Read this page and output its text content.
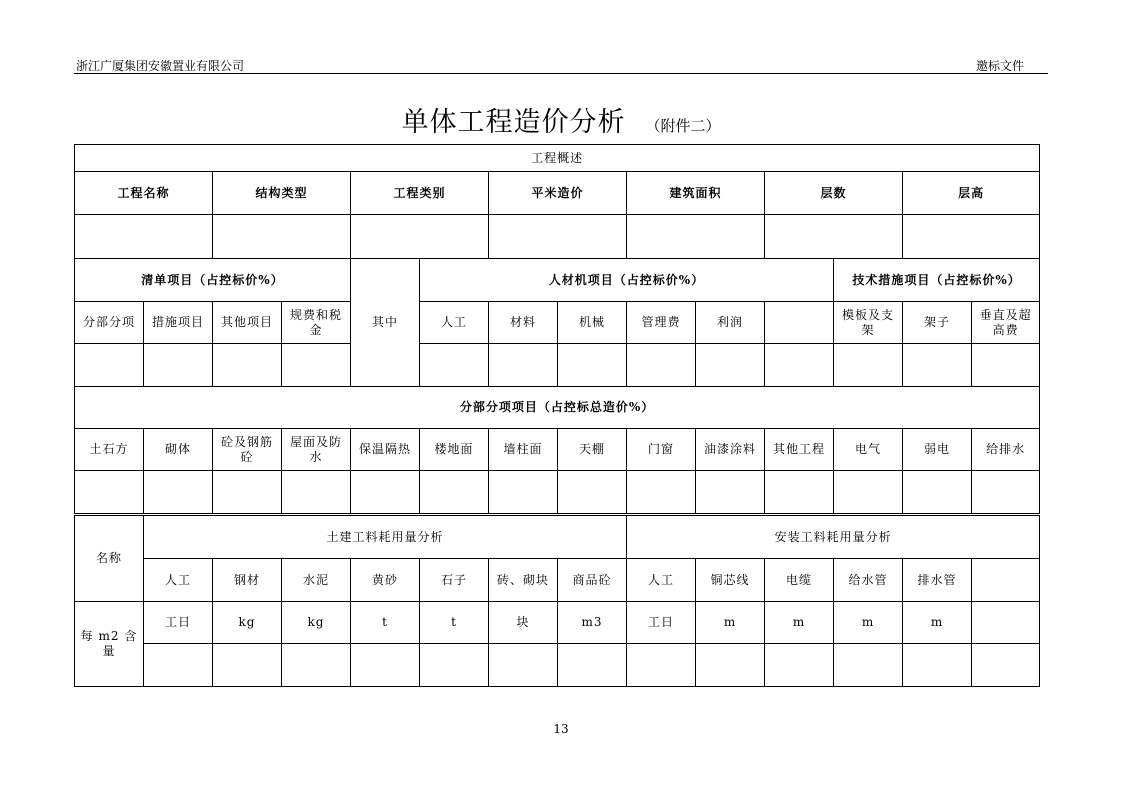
浙江广厦集团安徽置业有限公司	邀标文件
单体工程造价分析 （附件二）
工程概述													
工程名称		结构类型		工程类别		平米造价		建筑面积		层数		层高	

清单项目（占控标价%）				其中	人材机项目（占控标价%）						技术措施项目（占控标价%）		
分部分项	措施项目	其他项目	规费和税金		人工	材料	机械	管理费	利润		模板及支架	架子	垂直及超高费

分部分项项目（占控标总造价%）													
土石方	砌体	砼及钢筋砼	屋面及防水	保温隔热	楼地面	墙柱面	天棚	门窗	油漆涂料	其他工程	电气	弱电	给排水

名称	土建工料耗用量分析							安装工料耗用量分析					
	人工	钢材	水泥	黄砂	石子	砖、砌块	商品砼	人工	铜芯线	电缆	给水管	排水管	
每 m2 含量	工日	kg	kg	t	t	块	m3	工日	m	m	m	m	

13
